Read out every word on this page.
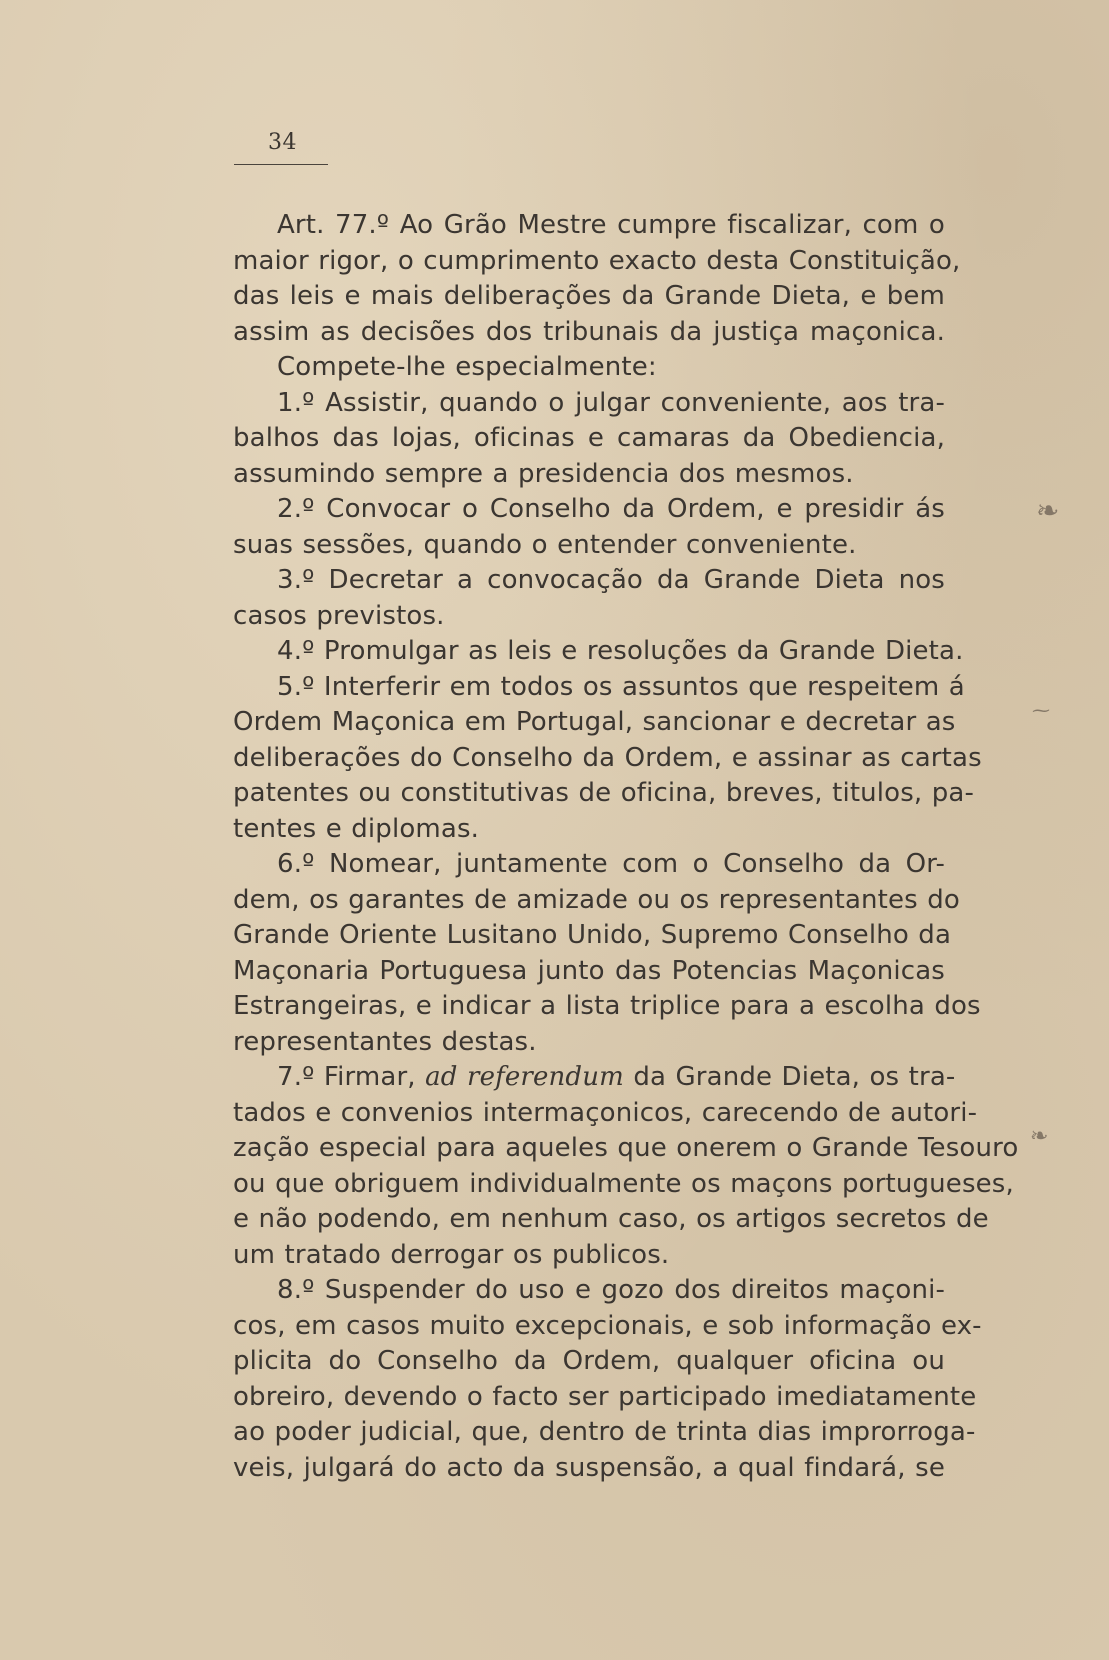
34
Art. 77.º Ao Grão Mestre cumpre fiscalizar, com o
maior rigor, o cumprimento exacto desta Constituição,
das leis e mais deliberações da Grande Dieta, e bem
assim as decisões dos tribunais da justiça maçonica.
Compete-lhe especialmente:
1.º Assistir, quando o julgar conveniente, aos tra-
balhos das lojas, oficinas e camaras da Obediencia,
assumindo sempre a presidencia dos mesmos.
2.º Convocar o Conselho da Ordem, e presidir ás
suas sessões, quando o entender conveniente.
3.º Decretar a convocação da Grande Dieta nos
casos previstos.
4.º Promulgar as leis e resoluções da Grande Dieta.
5.º Interferir em todos os assuntos que respeitem á
Ordem Maçonica em Portugal, sancionar e decretar as
deliberações do Conselho da Ordem, e assinar as cartas
patentes ou constitutivas de oficina, breves, titulos, pa-
tentes e diplomas.
6.º Nomear, juntamente com o Conselho da Or-
dem, os garantes de amizade ou os representantes do
Grande Oriente Lusitano Unido, Supremo Conselho da
Maçonaria Portuguesa junto das Potencias Maçonicas
Estrangeiras, e indicar a lista triplice para a escolha dos
representantes destas.
7.º Firmar, ad referendum da Grande Dieta, os tra-
tados e convenios intermaçonicos, carecendo de autori-
zação especial para aqueles que onerem o Grande Tesouro
ou que obriguem individualmente os maçons portugueses,
e não podendo, em nenhum caso, os artigos secretos de
um tratado derrogar os publicos.
8.º Suspender do uso e gozo dos direitos maçoni-
cos, em casos muito excepcionais, e sob informação ex-
plicita do Conselho da Ordem, qualquer oficina ou
obreiro, devendo o facto ser participado imediatamente
ao poder judicial, que, dentro de trinta dias improrroga-
veis, julgará do acto da suspensão, a qual findará, se
❧
⁓
❧
